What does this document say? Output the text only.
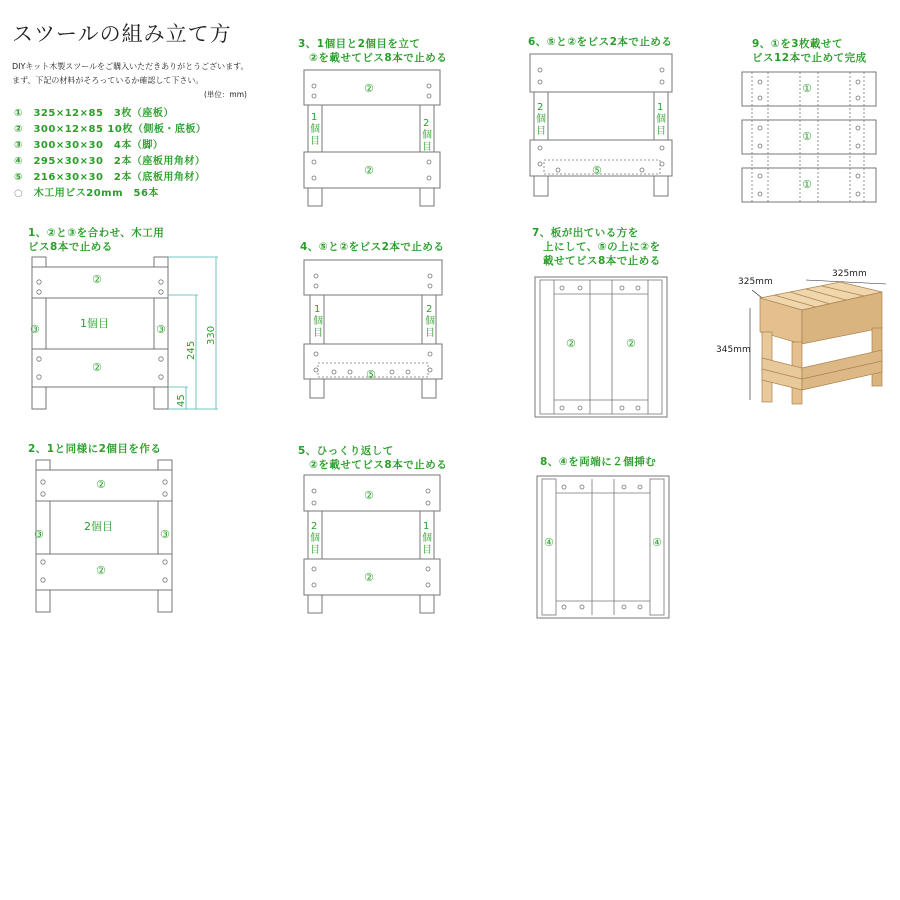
スツールの組み立て方
DIYキット木製スツールをご購入いただきありがとうございます。
まず、下記の材料がそろっているか確認して下さい。
(単位：mm)
①　 325×12×85　3枚（座板）
②　 300×12×85 10枚（側板・底板）
③　 300×30×30　4本（脚）
④　 295×30×30　2本（座板用角材）
⑤　 216×30×30　2本（底板用角材）
○　 木工用ビス20mm　56本
1、②と③を合わせ、木工用
ビス8本で止める
2、1と同様に2個目を作る
3、1個目と2個目を立て
　②を載せてビス8本で止める
4、⑤と②をビス2本で止める
5、ひっくり返して
　②を載せてビス8本で止める
6、⑤と②をビス2本で止める
7、板が出ている方を
　上にして、⑤の上に②を
　載せてビス8本で止める
8、④を両端に２個挿む
9、①を3枚載せて
ビス12本で止めて完成
②
②
③	③
1個目
330
245
45
②
②
③	③
2個目
②
②
1
個
目
2
個
目
1
個
目
2
個
目
⑤
②
②
2
個
目
1
個
目
2
個
目
1
個
目
⑤
②	②
④	④
①
①
①
325mm
325mm
345mm
